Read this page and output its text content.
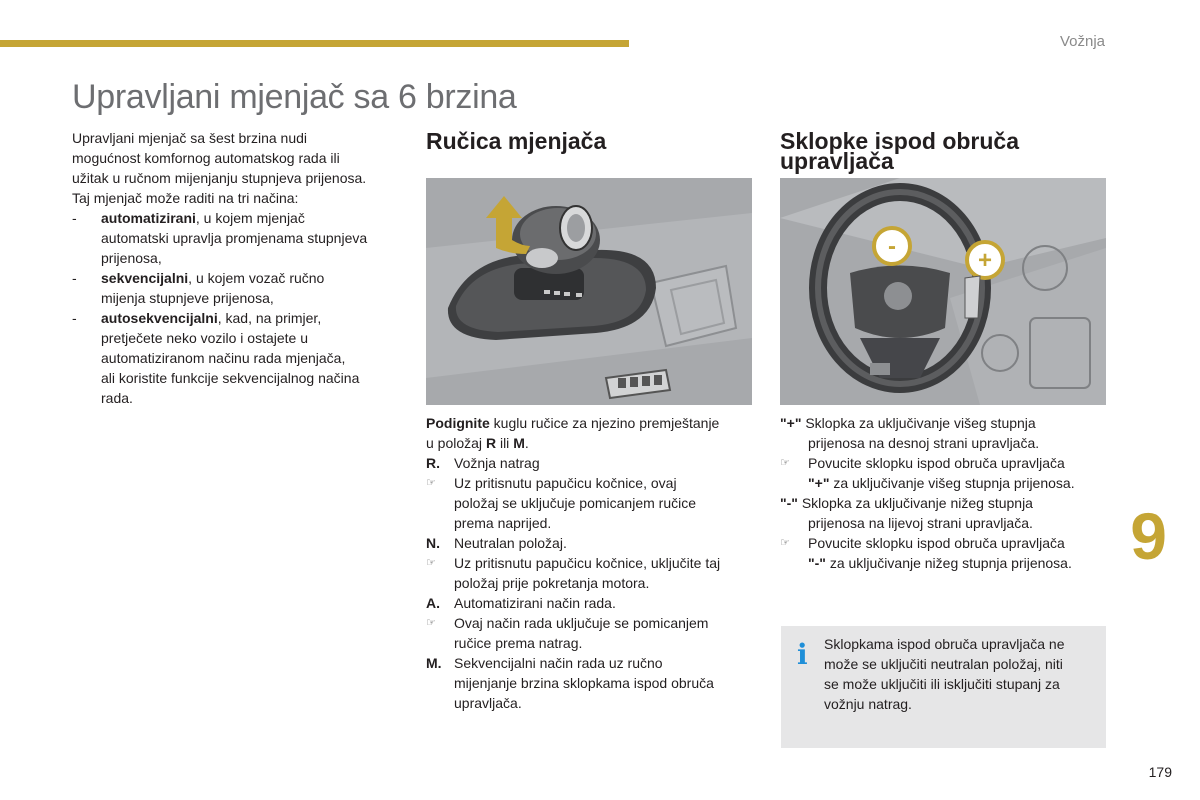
Vožnja
Upravljani mjenjač sa 6 brzina
Upravljani mjenjač sa šest brzina nudi
mogućnost komfornog automatskog rada ili
užitak u ručnom mijenjanju stupnjeva prijenosa.
Taj mjenjač može raditi na tri načina:
- automatizirani, u kojem mjenjač
automatski upravlja promjenama stupnjeva
prijenosa,
- sekvencijalni, u kojem vozač ručno
mijenja stupnjeve prijenosa,
- autosekvencijalni, kad, na primjer,
pretječete neko vozilo i ostajete u
automatiziranom načinu rada mjenjača,
ali koristite funkcije sekvencijalnog načina
rada.
Ručica mjenjača
Podignite kuglu ručice za njezino premještanje
u položaj R ili M.
R. Vožnja natrag
☞ Uz pritisnutu papučicu kočnice, ovaj
položaj se uključuje pomicanjem ručice
prema naprijed.
N. Neutralan položaj.
☞ Uz pritisnutu papučicu kočnice, uključite taj
položaj prije pokretanja motora.
A. Automatizirani način rada.
☞ Ovaj način rada uključuje se pomicanjem
ručice prema natrag.
M. Sekvencijalni način rada uz ručno
mijenjanje brzina sklopkama ispod obruča
upravljača.
Sklopke ispod obruča
upravljača
-
+
"+" Sklopka za uključivanje višeg stupnja
prijenosa na desnoj strani upravljača.
☞ Povucite sklopku ispod obruča upravljača
"+" za uključivanje višeg stupnja prijenosa.
"-" Sklopka za uključivanje nižeg stupnja
prijenosa na lijevoj strani upravljača.
☞ Povucite sklopku ispod obruča upravljača
"-" za uključivanje nižeg stupnja prijenosa.
i Sklopkama ispod obruča upravljača ne
može se uključiti neutralan položaj, niti
se može uključiti ili isključiti stupanj za
vožnju natrag.
9
179
